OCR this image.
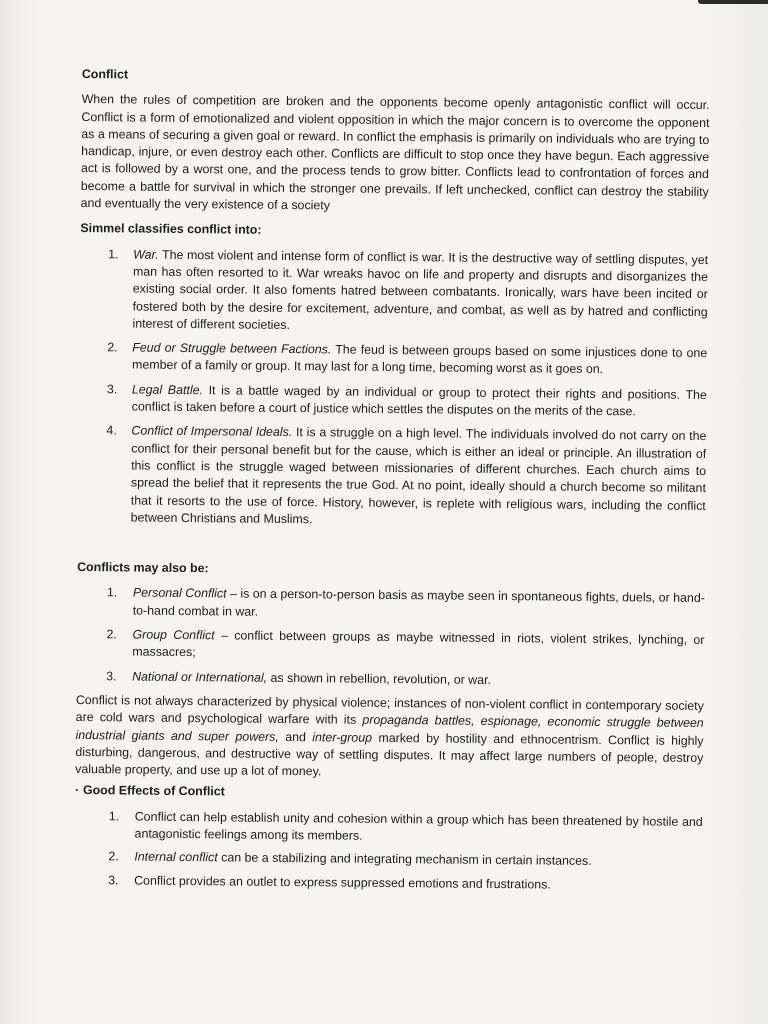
Conflict

When the rules of competition are broken and the opponents become openly antagonistic conflict will occur. Conflict is a form of emotionalized and violent opposition in which the major concern is to overcome the opponent as a means of securing a given goal or reward. In conflict the emphasis is primarily on individuals who are trying to handicap, injure, or even destroy each other. Conflicts are difficult to stop once they have begun. Each aggressive act is followed by a worst one, and the process tends to grow bitter. Conflicts lead to confrontation of forces and become a battle for survival in which the stronger one prevails. If left unchecked, conflict can destroy the stability and eventually the very existence of a society

Simmel classifies conflict into:
1. War. The most violent and intense form of conflict is war. It is the destructive way of settling disputes, yet man has often resorted to it. War wreaks havoc on life and property and disrupts and disorganizes the existing social order. It also foments hatred between combatants. Ironically, wars have been incited or fostered both by the desire for excitement, adventure, and combat, as well as by hatred and conflicting interest of different societies.
2. Feud or Struggle between Factions. The feud is between groups based on some injustices done to one member of a family or group. It may last for a long time, becoming worst as it goes on.
3. Legal Battle. It is a battle waged by an individual or group to protect their rights and positions. The conflict is taken before a court of justice which settles the disputes on the merits of the case.
4. Conflict of Impersonal Ideals. It is a struggle on a high level. The individuals involved do not carry on the conflict for their personal benefit but for the cause, which is either an ideal or principle. An illustration of this conflict is the struggle waged between missionaries of different churches. Each church aims to spread the belief that it represents the true God. At no point, ideally should a church become so militant that it resorts to the use of force. History, however, is replete with religious wars, including the conflict between Christians and Muslims.
Conflicts may also be:
1. Personal Conflict – is on a person-to-person basis as maybe seen in spontaneous fights, duels, or hand-to-hand combat in war.
2. Group Conflict – conflict between groups as maybe witnessed in riots, violent strikes, lynching, or massacres;
3. National or International, as shown in rebellion, revolution, or war.

Conflict is not always characterized by physical violence; instances of non-violent conflict in contemporary society are cold wars and psychological warfare with its propaganda battles, espionage, economic struggle between industrial giants and super powers, and inter-group marked by hostility and ethnocentrism. Conflict is highly disturbing, dangerous, and destructive way of settling disputes. It may affect large numbers of people, destroy valuable property, and use up a lot of money.

· Good Effects of Conflict
1. Conflict can help establish unity and cohesion within a group which has been threatened by hostile and antagonistic feelings among its members.
2. Internal conflict can be a stabilizing and integrating mechanism in certain instances.
3. Conflict provides an outlet to express suppressed emotions and frustrations.
